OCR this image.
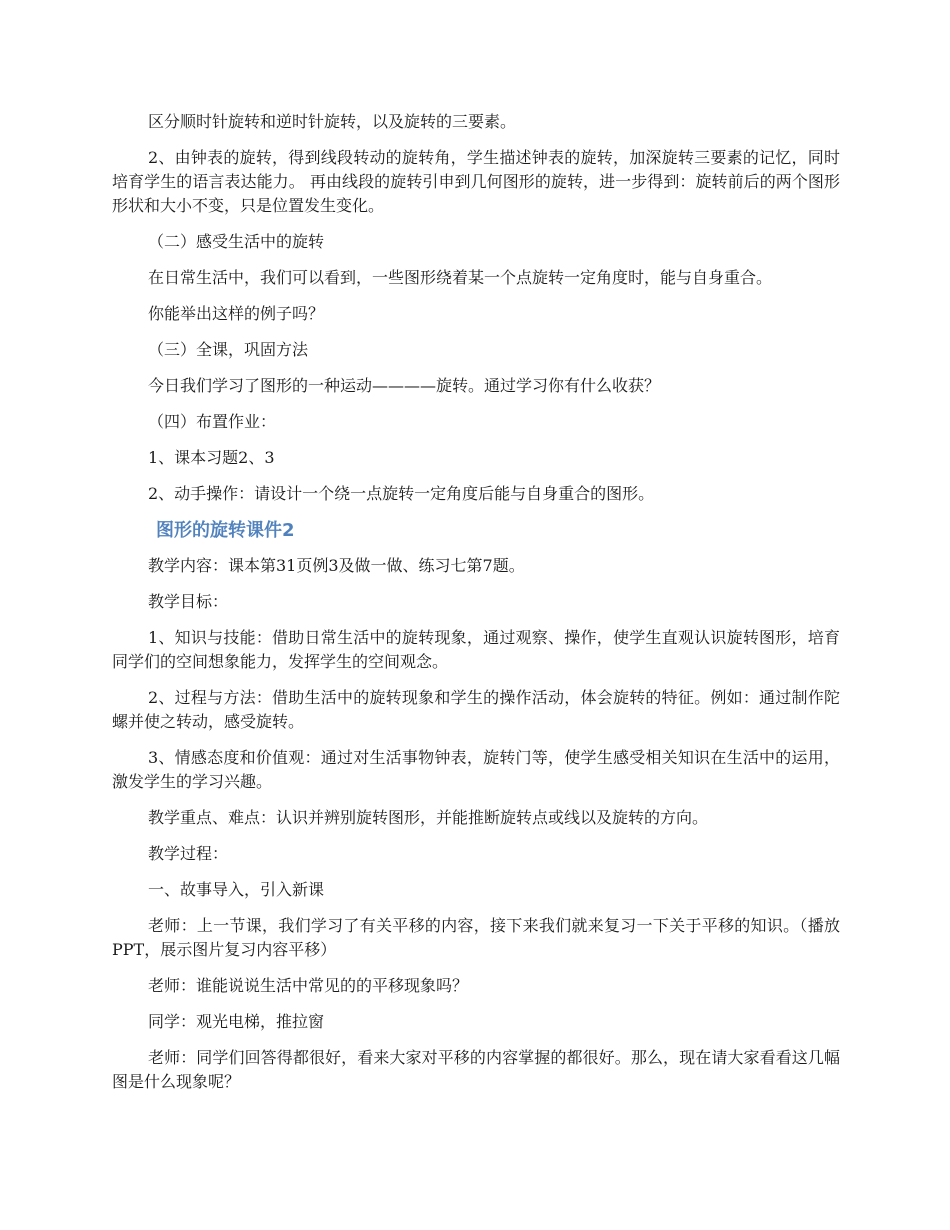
区分顺时针旋转和逆时针旋转，以及旋转的三要素。

2、由钟表的旋转，得到线段转动的旋转角，学生描述钟表的旋转，加深旋转三要素的记忆，同时培育学生的语言表达能力。 再由线段的旋转引申到几何图形的旋转，进一步得到：旋转前后的两个图形形状和大小不变，只是位置发生变化。

（二）感受生活中的旋转

在日常生活中，我们可以看到，一些图形绕着某一个点旋转一定角度时，能与自身重合。

你能举出这样的例子吗？

（三）全课，巩固方法

今日我们学习了图形的一种运动————旋转。通过学习你有什么收获？

（四）布置作业：

1、课本习题2、3

2、动手操作：请设计一个绕一点旋转一定角度后能与自身重合的图形。

图形的旋转课件2

教学内容：课本第31页例3及做一做、练习七第7题。

教学目标：

1、知识与技能：借助日常生活中的旋转现象，通过观察、操作，使学生直观认识旋转图形，培育同学们的空间想象能力，发挥学生的空间观念。

2、过程与方法：借助生活中的旋转现象和学生的操作活动，体会旋转的特征。例如：通过制作陀螺并使之转动，感受旋转。

3、情感态度和价值观：通过对生活事物钟表，旋转门等，使学生感受相关知识在生活中的运用，激发学生的学习兴趣。

教学重点、难点：认识并辨别旋转图形，并能推断旋转点或线以及旋转的方向。

教学过程：

一、故事导入，引入新课

老师：上一节课，我们学习了有关平移的内容，接下来我们就来复习一下关于平移的知识。（播放PPT，展示图片复习内容平移）

老师：谁能说说生活中常见的的平移现象吗？

同学：观光电梯，推拉窗

老师：同学们回答得都很好，看来大家对平移的内容掌握的都很好。那么，现在请大家看看这几幅图是什么现象呢？
